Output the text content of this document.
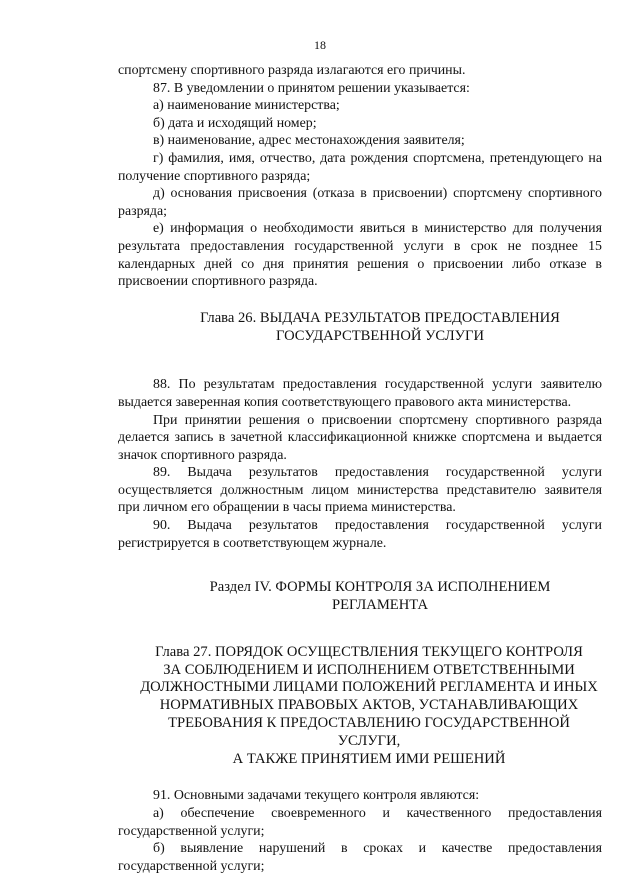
18

спортсмену спортивного разряда излагаются его причины.

87. В уведомлении о принятом решении указывается:

а) наименование министерства;

б) дата и исходящий номер;

в) наименование, адрес местонахождения заявителя;

г) фамилия, имя, отчество, дата рождения спортсмена, претендующего на получение спортивного разряда;

д) основания присвоения (отказа в присвоении) спортсмену спортивного разряда;

е) информация о необходимости явиться в министерство для получения результата предоставления государственной услуги в срок не позднее 15 календарных дней со дня принятия решения о присвоении либо отказе в присвоении спортивного разряда.

Глава 26. ВЫДАЧА РЕЗУЛЬТАТОВ ПРЕДОСТАВЛЕНИЯ
ГОСУДАРСТВЕННОЙ УСЛУГИ

88. По результатам предоставления государственной услуги заявителю выдается заверенная копия соответствующего правового акта министерства.

При принятии решения о присвоении спортсмену спортивного разряда делается запись в зачетной классификационной книжке спортсмена и выдается значок спортивного разряда.

89. Выдача результатов предоставления государственной услуги осуществляется должностным лицом министерства представителю заявителя при личном его обращении в часы приема министерства.

90. Выдача результатов предоставления государственной услуги регистрируется в соответствующем журнале.

Раздел IV. ФОРМЫ КОНТРОЛЯ ЗА ИСПОЛНЕНИЕМ
РЕГЛАМЕНТА
Глава 27. ПОРЯДОК ОСУЩЕСТВЛЕНИЯ ТЕКУЩЕГО КОНТРОЛЯ
ЗА СОБЛЮДЕНИЕМ И ИСПОЛНЕНИЕМ ОТВЕТСТВЕННЫМИ
ДОЛЖНОСТНЫМИ ЛИЦАМИ ПОЛОЖЕНИЙ РЕГЛАМЕНТА И ИНЫХ
НОРМАТИВНЫХ ПРАВОВЫХ АКТОВ, УСТАНАВЛИВАЮЩИХ
ТРЕБОВАНИЯ К ПРЕДОСТАВЛЕНИЮ ГОСУДАРСТВЕННОЙ УСЛУГИ,
А ТАКЖЕ ПРИНЯТИЕМ ИМИ РЕШЕНИЙ

91. Основными задачами текущего контроля являются:

а) обеспечение своевременного и качественного предоставления государственной услуги;

б) выявление нарушений в сроках и качестве предоставления государственной услуги;
